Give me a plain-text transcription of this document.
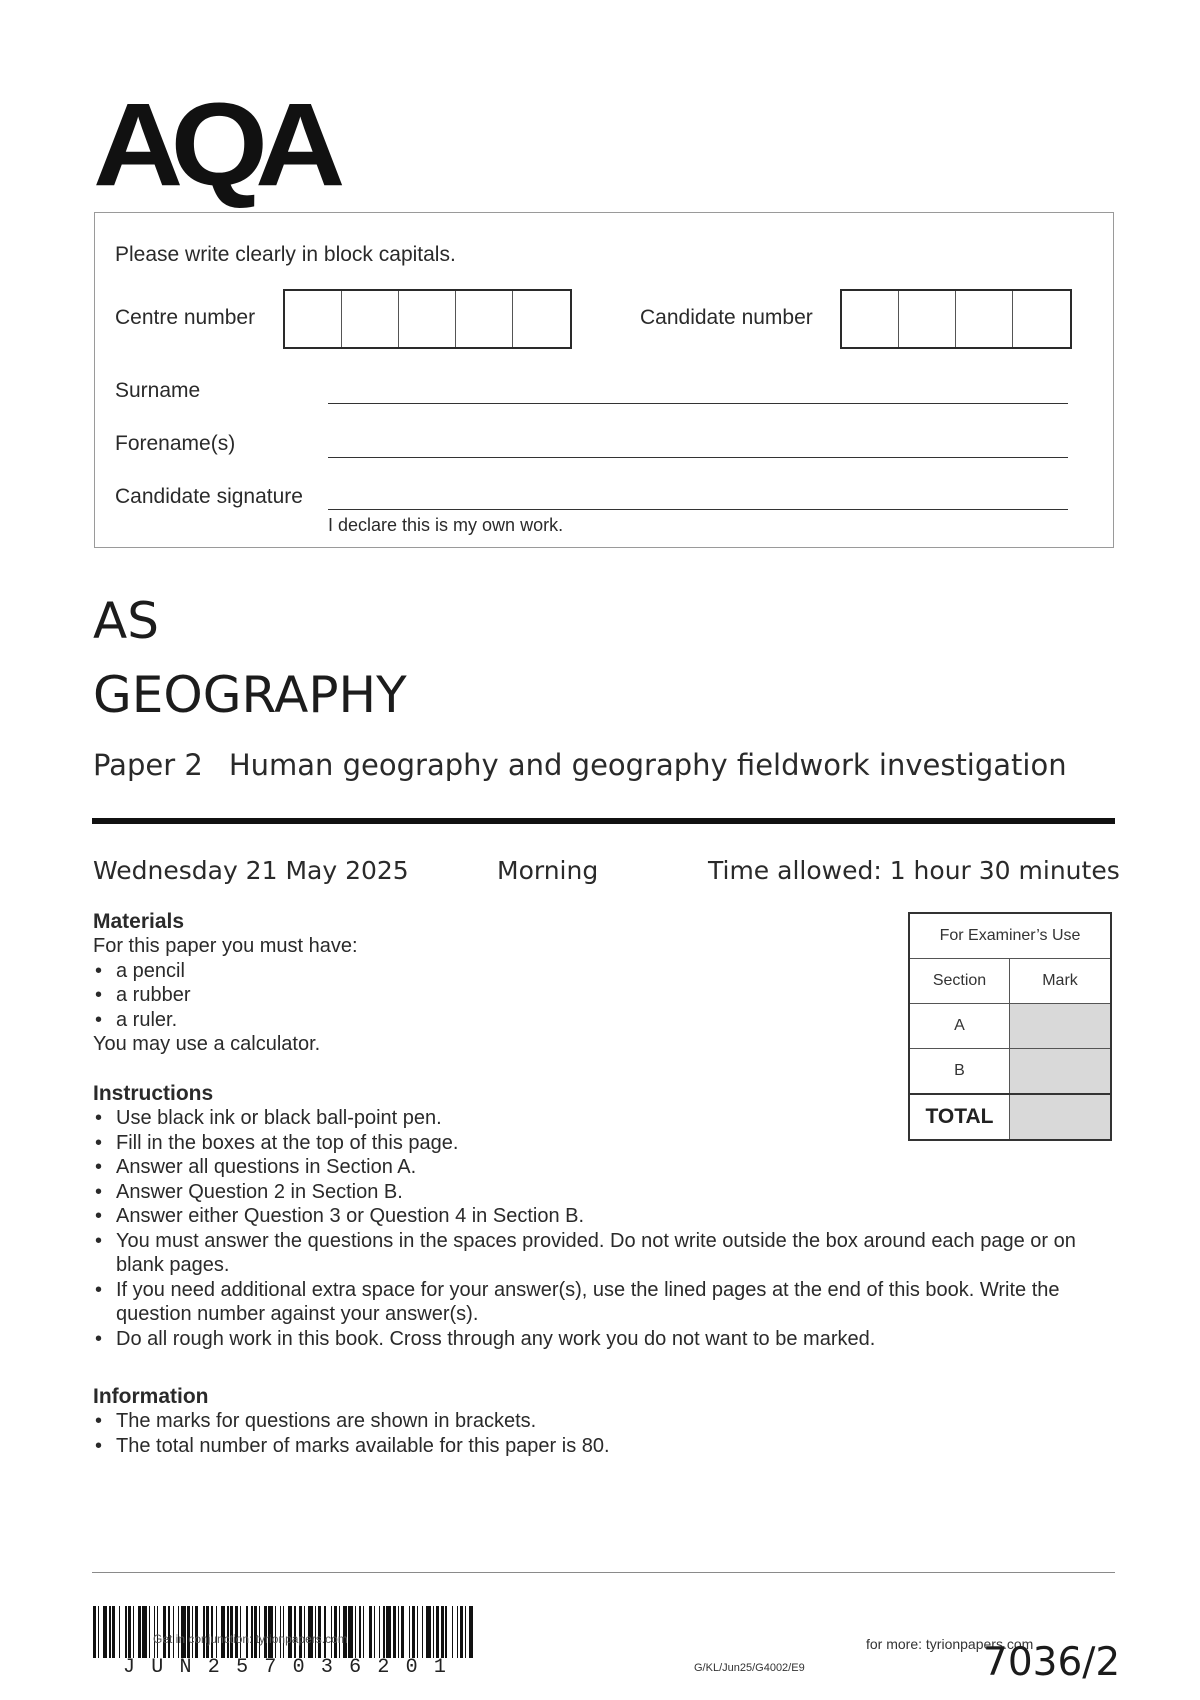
AQA
Please write clearly in block capitals.
Centre number	Candidate number
Surname
Forename(s)
Candidate signature
I declare this is my own work.
AS
GEOGRAPHY
Paper 2 Human geography and geography fieldwork investigation
Wednesday 21 May 2025	Morning	Time allowed: 1 hour 30 minutes
Materials

For this paper you must have:

• a pencil
• a rubber
• a ruler.

You may use a calculator.

Instructions
• Use black ink or black ball-point pen.
• Fill in the boxes at the top of this page.
• Answer all questions in Section A.
• Answer Question 2 in Section B.
• Answer either Question 3 or Question 4 in Section B.
• You must answer the questions in the spaces provided. Do not write outside the box around each page or on blank pages.
• If you need additional extra space for your answer(s), use the lined pages at the end of this book. Write the question number against your answer(s).
• Do all rough work in this book. Cross through any work you do not want to be marked.
Information
• The marks for questions are shown in brackets.
• The total number of marks available for this paper is 80.
For Examiner’s Use	
Section	Mark
A	
B	
TOTAL	
Get in conjunction: tyrionpapers.com
J U N 2 5 7 0 3 6 2 0 1	G/KL/Jun25/G4002/E9
for more: tyrionpapers.com
7036/2
